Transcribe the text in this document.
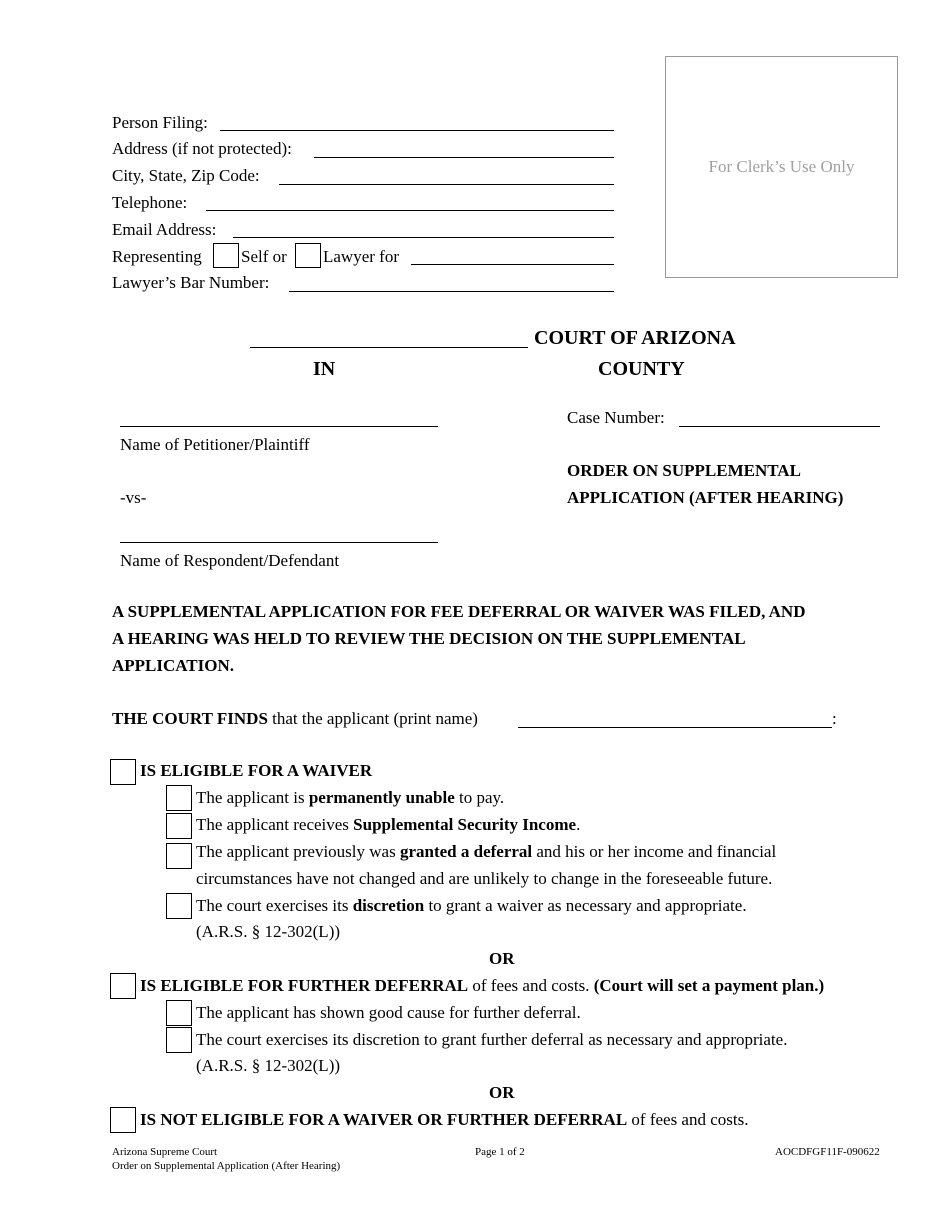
Person Filing:
Address (if not protected):
City, State, Zip Code:
Telephone:
Email Address:
Representing Self or Lawyer for
Lawyer’s Bar Number:
For Clerk’s Use Only
COURT OF ARIZONA
IN	COUNTY
Name of Petitioner/Plaintiff
-vs-
Name of Respondent/Defendant
Case Number:
ORDER ON SUPPLEMENTAL
APPLICATION (AFTER HEARING)
A SUPPLEMENTAL APPLICATION FOR FEE DEFERRAL OR WAIVER WAS FILED, AND
A HEARING WAS HELD TO REVIEW THE DECISION ON THE SUPPLEMENTAL
APPLICATION.
THE COURT FINDS that the applicant (print name)	:
IS ELIGIBLE FOR A WAIVER
The applicant is permanently unable to pay.
The applicant receives Supplemental Security Income.
The applicant previously was granted a deferral and his or her income and financial
circumstances have not changed and are unlikely to change in the foreseeable future.
The court exercises its discretion to grant a waiver as necessary and appropriate.
(A.R.S. § 12-302(L))
OR
IS ELIGIBLE FOR FURTHER DEFERRAL of fees and costs. (Court will set a payment plan.)
The applicant has shown good cause for further deferral.
The court exercises its discretion to grant further deferral as necessary and appropriate.
(A.R.S. § 12-302(L))
OR
IS NOT ELIGIBLE FOR A WAIVER OR FURTHER DEFERRAL of fees and costs.
Arizona Supreme Court
Order on Supplemental Application (After Hearing)
Page 1 of 2	AOCDFGF11F-090622
